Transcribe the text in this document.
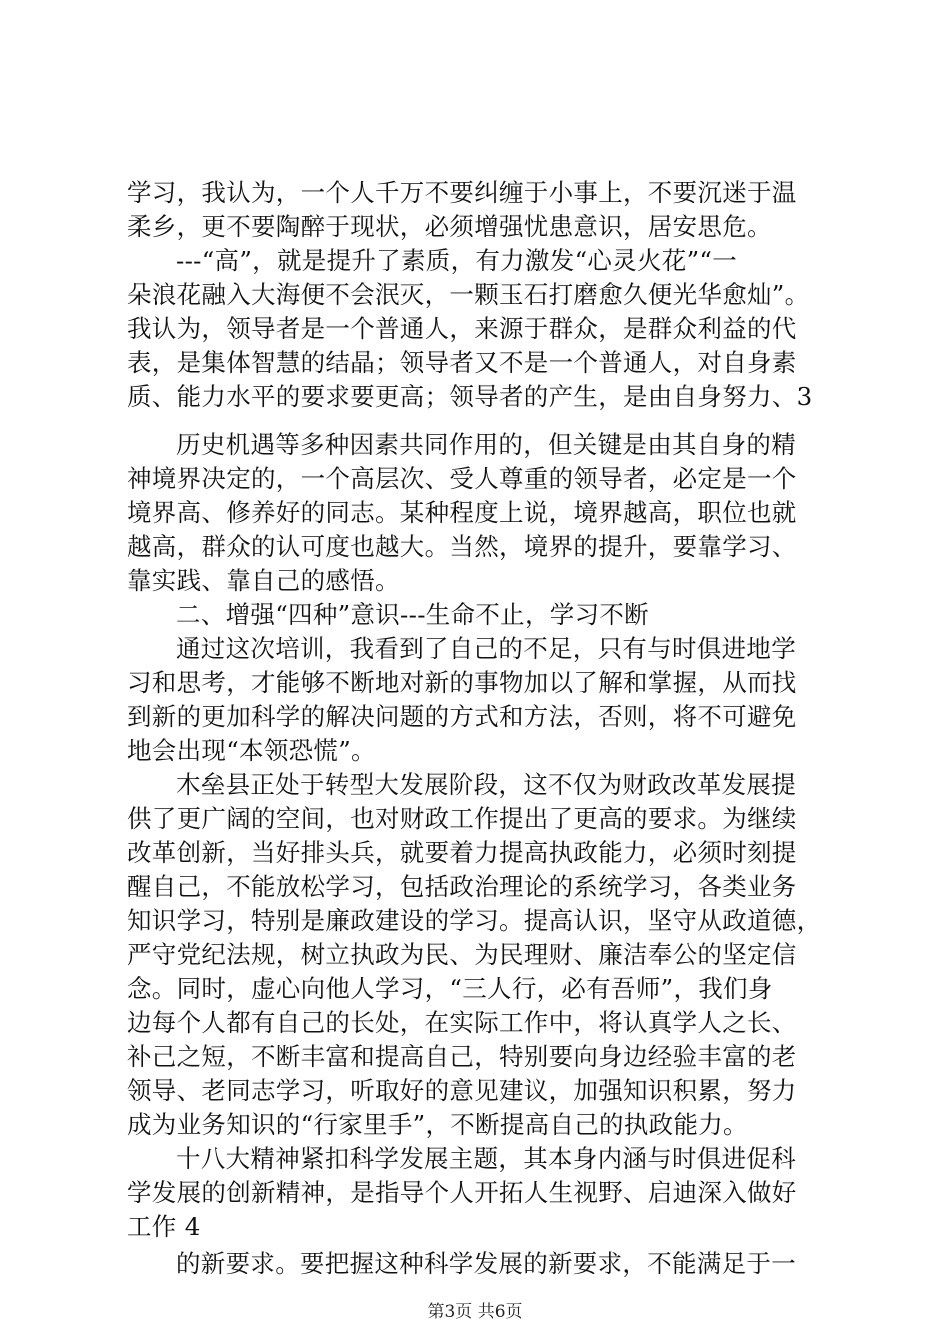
学习，我认为，一个人千万不要纠缠于小事上，不要沉迷于温
柔乡，更不要陶醉于现状，必须增强忧患意识，居安思危。
---“高”，就是提升了素质，有力激发“心灵火花”“一
朵浪花融入大海便不会泯灭，一颗玉石打磨愈久便光华愈灿”。
我认为，领导者是一个普通人，来源于群众，是群众利益的代
表，是集体智慧的结晶；领导者又不是一个普通人，对自身素
质、能力水平的要求要更高；领导者的产生，是由自身努力、3
历史机遇等多种因素共同作用的，但关键是由其自身的精
神境界决定的，一个高层次、受人尊重的领导者，必定是一个
境界高、修养好的同志。某种程度上说，境界越高，职位也就
越高，群众的认可度也越大。当然，境界的提升，要靠学习、
靠实践、靠自己的感悟。
二、增强“四种”意识---生命不止，学习不断
通过这次培训，我看到了自己的不足，只有与时俱进地学
习和思考，才能够不断地对新的事物加以了解和掌握，从而找
到新的更加科学的解决问题的方式和方法，否则，将不可避免
地会出现“本领恐慌”。
木垒县正处于转型大发展阶段，这不仅为财政改革发展提
供了更广阔的空间，也对财政工作提出了更高的要求。为继续
改革创新，当好排头兵，就要着力提高执政能力，必须时刻提
醒自己，不能放松学习，包括政治理论的系统学习，各类业务
知识学习，特别是廉政建设的学习。提高认识，坚守从政道德，
严守党纪法规，树立执政为民、为民理财、廉洁奉公的坚定信
念。同时，虚心向他人学习，“三人行，必有吾师”，我们身
边每个人都有自己的长处，在实际工作中，将认真学人之长、
补己之短，不断丰富和提高自己，特别要向身边经验丰富的老
领导、老同志学习，听取好的意见建议，加强知识积累，努力
成为业务知识的“行家里手”，不断提高自己的执政能力。
十八大精神紧扣科学发展主题，其本身内涵与时俱进促科
学发展的创新精神，是指导个人开拓人生视野、启迪深入做好
工作 4
的新要求。要把握这种科学发展的新要求，不能满足于一
第3页 共6页
